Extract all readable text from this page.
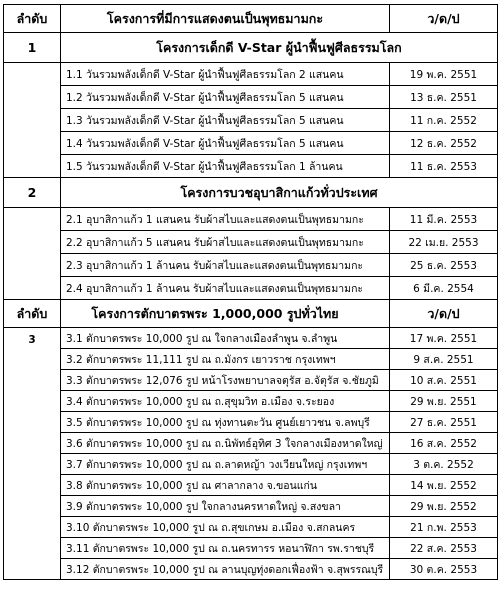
ลำดับ	โครงการที่มีการแสดงตนเป็นพุทธมามกะ	ว/ด/ป
1	โครงการเด็กดี V-Star ผู้นำฟื้นฟูศีลธรรมโลก	
	1.1 วันรวมพลังเด็กดี V-Star ผู้นำฟื้นฟูศีลธรรมโลก 2 แสนคน	19 พ.ค. 2551
	1.2 วันรวมพลังเด็กดี V-Star ผู้นำฟื้นฟูศีลธรรมโลก 5 แสนคน	13 ธ.ค. 2551
	1.3 วันรวมพลังเด็กดี V-Star ผู้นำฟื้นฟูศีลธรรมโลก 5 แสนคน	11 ก.ค. 2552
	1.4 วันรวมพลังเด็กดี V-Star ผู้นำฟื้นฟูศีลธรรมโลก 5 แสนคน	12 ธ.ค. 2552
	1.5 วันรวมพลังเด็กดี V-Star ผู้นำฟื้นฟูศีลธรรมโลก 1 ล้านคน	11 ธ.ค. 2553
2	โครงการบวชอุบาสิกาแก้วทั่วประเทศ	
	2.1 อุบาสิกาแก้ว 1 แสนคน รับผ้าสไบและแสดงตนเป็นพุทธมามกะ	11 มี.ค. 2553
	2.2 อุบาสิกาแก้ว 5 แสนคน รับผ้าสไบและแสดงตนเป็นพุทธมามกะ	22 เม.ย. 2553
	2.3 อุบาสิกาแก้ว 1 ล้านคน รับผ้าสไบและแสดงตนเป็นพุทธมามกะ	25 ธ.ค. 2553
	2.4 อุบาสิกาแก้ว 1 ล้านคน รับผ้าสไบและแสดงตนเป็นพุทธมามกะ	6 มี.ค. 2554
ลำดับ	โครงการตักบาตรพระ 1,000,000 รูปทั่วไทย	ว/ด/ป
3	3.1 ตักบาตรพระ 10,000 รูป ณ ใจกลางเมืองลำพูน จ.ลำพูน	17 พ.ค. 2551
	3.2 ตักบาตรพระ 11,111 รูป ณ ถ.มังกร เยาวราช กรุงเทพฯ	9 ส.ค. 2551
	3.3 ตักบาตรพระ 12,076 รูป หน้าโรงพยาบาลจตุรัส อ.จัตุรัส จ.ชัยภูมิ	10 ส.ค. 2551
	3.4 ตักบาตรพระ 10,000 รูป ณ ถ.สุขุมวิท อ.เมือง จ.ระยอง	29 พ.ย. 2551
	3.5 ตักบาตรพระ 10,000 รูป ณ ทุ่งทานตะวัน ศูนย์เยาวชน จ.ลพบุรี	27 ธ.ค. 2551
	3.6 ตักบาตรพระ 10,000 รูป ณ ถ.นิพัทธ์อุทิศ 3 ใจกลางเมืองหาดใหญ่	16 ส.ค. 2552
	3.7 ตักบาตรพระ 10,000 รูป ณ ถ.ลาดหญ้า วงเวียนใหญ่ กรุงเทพฯ	3 ต.ค. 2552
	3.8 ตักบาตรพระ 10,000 รูป ณ ศาลากลาง จ.ขอนแก่น	14 พ.ย. 2552
	3.9 ตักบาตรพระ 10,000 รูป ใจกลางนครหาดใหญ่ จ.สงขลา	29 พ.ย. 2552
	3.10 ตักบาตรพระ 10,000 รูป ณ ถ.สุขเกษม อ.เมือง จ.สกลนคร	21 ก.พ. 2553
	3.11 ตักบาตรพระ 10,000 รูป ณ ถ.นครทารร หอนาฬิกา รพ.ราชบุรี	22 ส.ค. 2553
	3.12 ตักบาตรพระ 10,000 รูป ณ ลานบุญทุ่งดอกเฟื่องฟ้า จ.สุพรรณบุรี	30 ต.ค. 2553
